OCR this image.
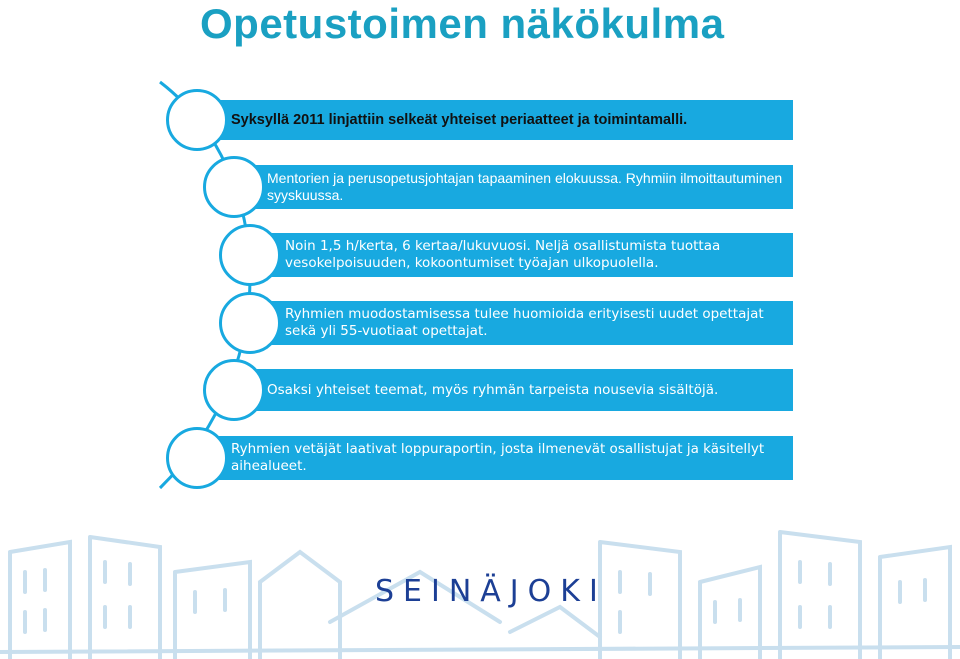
Opetustoimen näkökulma
Syksyllä 2011 linjattiin selkeät yhteiset periaatteet ja toimintamalli.
Mentorien ja perusopetusjohtajan tapaaminen elokuussa. Ryhmiin ilmoittautuminen syyskuussa.
Noin 1,5 h/kerta, 6 kertaa/lukuvuosi. Neljä osallistumista tuottaa vesokelpoisuuden, kokoontumiset työajan ulkopuolella.
Ryhmien muodostamisessa tulee huomioida erityisesti uudet opettajat sekä yli 55-vuotiaat opettajat.
Osaksi yhteiset teemat, myös ryhmän tarpeista nousevia sisältöjä.
Ryhmien vetäjät laativat loppuraportin, josta ilmenevät osallistujat ja käsitellyt aihealueet.
SEINÄJOKI
